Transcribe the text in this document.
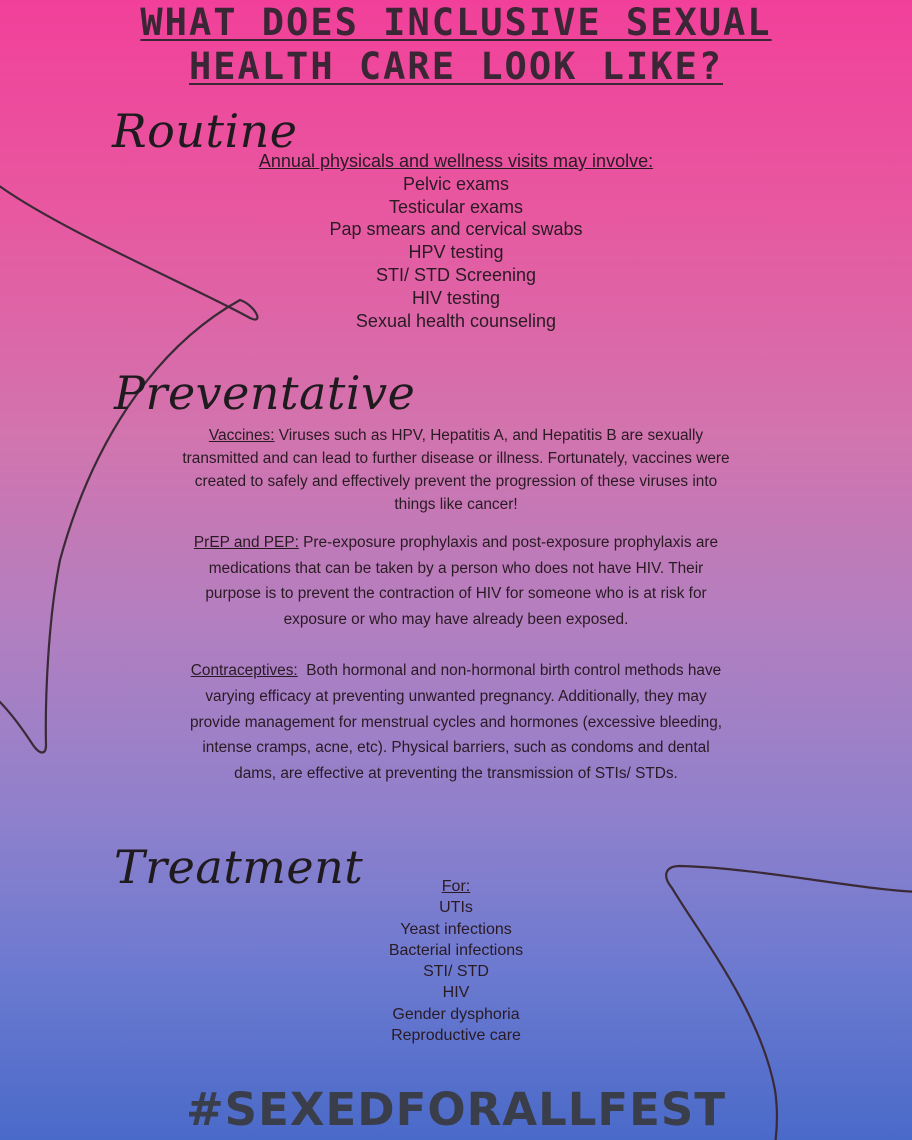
WHAT DOES INCLUSIVE SEXUAL
HEALTH CARE LOOK LIKE?
Routine
Annual physicals and wellness visits may involve:
Pelvic exams
Testicular exams
Pap smears and cervical swabs
HPV testing
STI/ STD Screening
HIV testing
Sexual health counseling
Preventative
Vaccines: Viruses such as HPV, Hepatitis A, and Hepatitis B are sexually transmitted and can lead to further disease or illness. Fortunately, vaccines were created to safely and effectively prevent the progression of these viruses into things like cancer!
PrEP and PEP: Pre-exposure prophylaxis and post-exposure prophylaxis are medications that can be taken by a person who does not have HIV. Their purpose is to prevent the contraction of HIV for someone who is at risk for exposure or who may have already been exposed.
Contraceptives:  Both hormonal and non-hormonal birth control methods have varying efficacy at preventing unwanted pregnancy. Additionally, they may provide management for menstrual cycles and hormones (excessive bleeding, intense cramps, acne, etc). Physical barriers, such as condoms and dental dams, are effective at preventing the transmission of STIs/ STDs.
Treatment	For:
UTIs
Yeast infections
Bacterial infections
STI/ STD
HIV
Gender dysphoria
Reproductive care
#SEXEDFORALLFEST
